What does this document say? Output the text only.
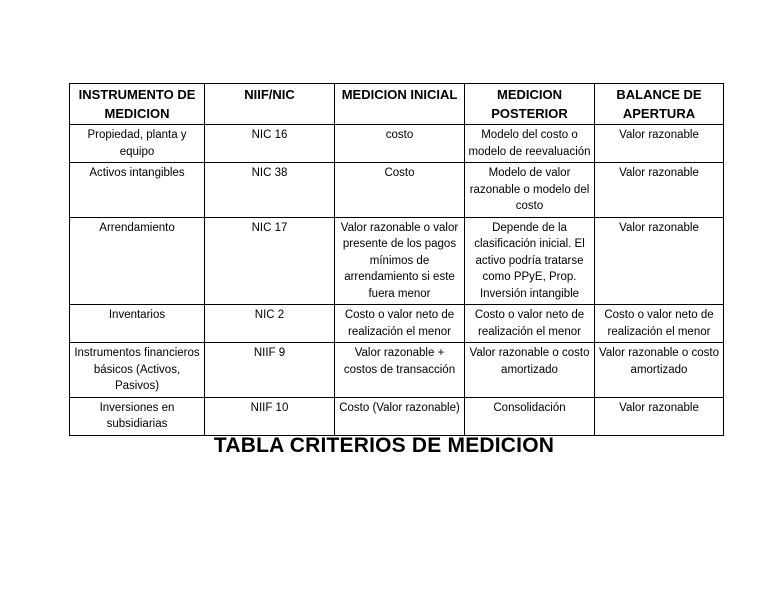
INSTRUMENTO DE MEDICION	NIIF/NIC	MEDICION INICIAL	MEDICION POSTERIOR	BALANCE DE APERTURA
Propiedad, planta y equipo	NIC 16	costo	Modelo del costo o modelo de reevaluación	Valor razonable
Activos intangibles	NIC 38	Costo	Modelo de valor razonable o modelo del costo	Valor razonable
Arrendamiento	NIC 17	Valor razonable o valor presente de los pagos mínimos de arrendamiento si este fuera menor	Depende de la clasificación inicial. El activo podría tratarse como PPyE, Prop. Inversión intangible	Valor razonable
Inventarios	NIC 2	Costo o valor neto de realización el menor	Costo o valor neto de realización el menor	Costo o valor neto de realización el menor
Instrumentos financieros básicos (Activos, Pasivos)	NIIF 9	Valor razonable + costos de transacción	Valor razonable o costo amortizado	Valor razonable o costo amortizado
Inversiones en subsidiarias	NIIF 10	Costo (Valor razonable)	Consolidación	Valor razonable
TABLA CRITERIOS DE MEDICION
